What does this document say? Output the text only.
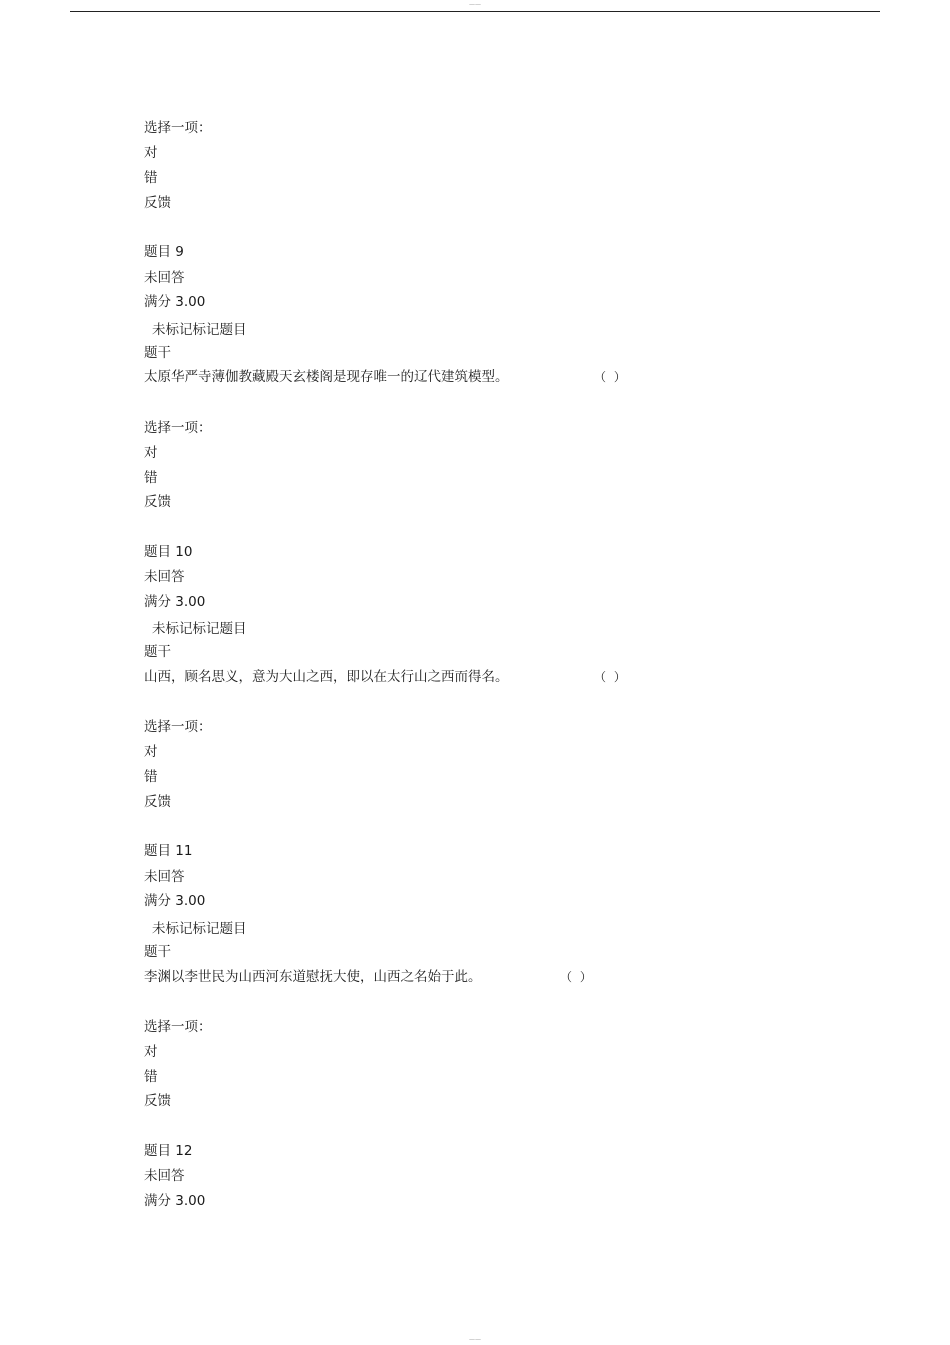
——
选择一项：
对
错
反馈
题目 9
未回答
满分 3.00
未标记标记题目
题干
太原华严寺薄伽教藏殿天玄楼阁是现存唯一的辽代建筑模型。	（ ）
选择一项：
对
错
反馈
题目 10
未回答
满分 3.00
未标记标记题目
题干
山西，顾名思义，意为大山之西，即以在太行山之西而得名。	（ ）
选择一项：
对
错
反馈
题目 11
未回答
满分 3.00
未标记标记题目
题干
李渊以李世民为山西河东道慰抚大使，山西之名始于此。	（ ）
选择一项：
对
错
反馈
题目 12
未回答
满分 3.00
——
